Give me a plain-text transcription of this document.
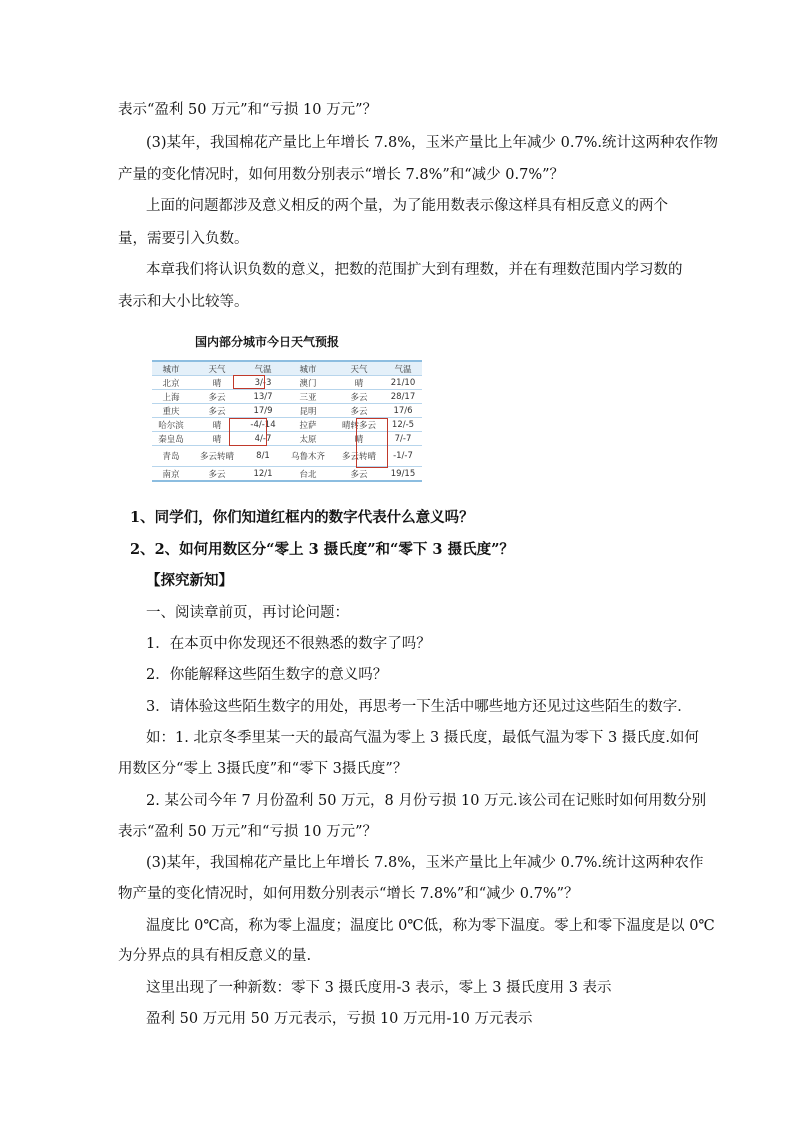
表示“盈利 50 万元”和“亏损 10 万元”？
(3)某年，我国棉花产量比上年增长 7.8%，玉米产量比上年减少 0.7%.统计这两种农作物
产量的变化情况时，如何用数分别表示“增长 7.8%”和“减少 0.7%”？
上面的问题都涉及意义相反的两个量，为了能用数表示像这样具有相反意义的两个
量，需要引入负数。
本章我们将认识负数的意义，把数的范围扩大到有理数，并在有理数范围内学习数的
表示和大小比较等。
国内部分城市今日天气预报
城市	天气	气温	城市	天气	气温
北京	晴	3/-3	澳门	晴	21/10
上海	多云	13/7	三亚	多云	28/17
重庆	多云	17/9	昆明	多云	17/6
哈尔滨	晴	-4/-14	拉萨	晴转多云	12/-5
秦皇岛	晴	4/-7	太原	晴	7/-7
青岛	多云转晴	8/1	乌鲁木齐	多云转晴	-1/-7
南京	多云	12/1	台北	多云	19/15
1、同学们，你们知道红框内的数字代表什么意义吗？
2、2、如何用数区分“零上 3 摄氏度”和“零下 3 摄氏度”？
【探究新知】
一、阅读章前页，再讨论问题：
1．在本页中你发现还不很熟悉的数字了吗？
2．你能解释这些陌生数字的意义吗？
3．请体验这些陌生数字的用处，再思考一下生活中哪些地方还见过这些陌生的数字．
如：1. 北京冬季里某一天的最高气温为零上 3 摄氏度，最低气温为零下 3 摄氏度.如何
用数区分“零上 3摄氏度”和“零下 3摄氏度”？
2. 某公司今年 7 月份盈利 50 万元，8 月份亏损 10 万元.该公司在记账时如何用数分别
表示“盈利 50 万元”和“亏损 10 万元”？
(3)某年，我国棉花产量比上年增长 7.8%，玉米产量比上年减少 0.7%.统计这两种农作
物产量的变化情况时，如何用数分别表示“增长 7.8%”和“减少 0.7%”？
温度比 0℃高，称为零上温度；温度比 0℃低，称为零下温度。零上和零下温度是以 0℃
为分界点的具有相反意义的量.
这里出现了一种新数：零下 3 摄氏度用-3 表示，零上 3 摄氏度用 3 表示
盈利 50 万元用 50 万元表示，亏损 10 万元用-10 万元表示
